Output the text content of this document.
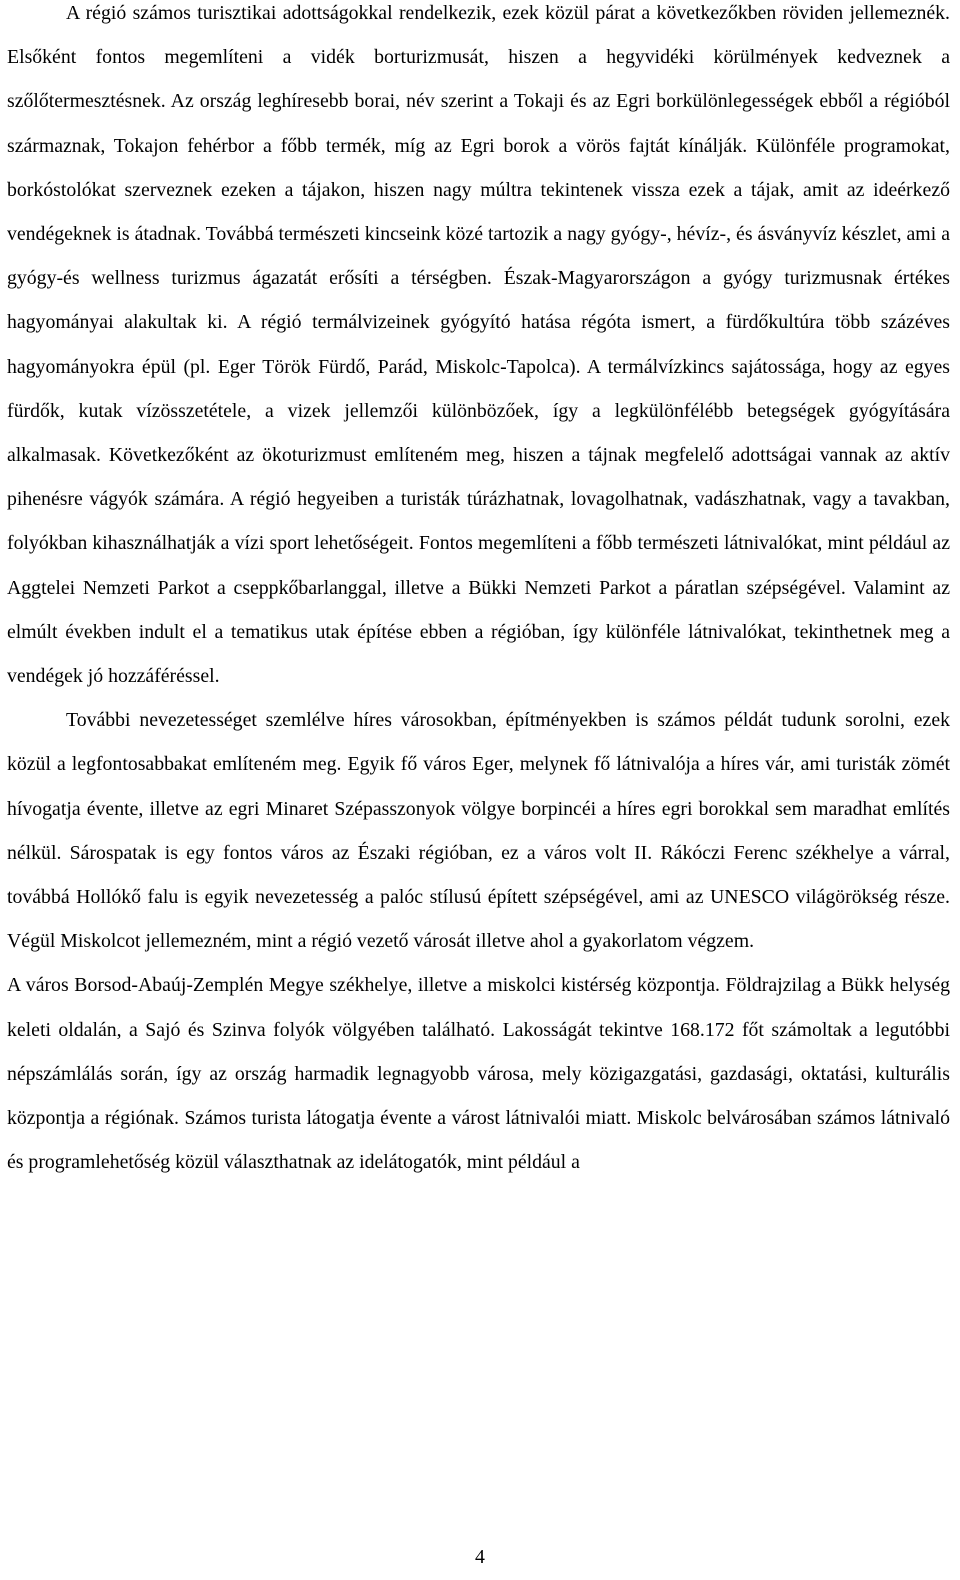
A régió számos turisztikai adottságokkal rendelkezik, ezek közül párat a következőkben röviden jellemeznék. Elsőként fontos megemlíteni a vidék borturizmusát, hiszen a hegyvidéki körülmények kedveznek a szőlőtermesztésnek. Az ország leghíresebb borai, név szerint a Tokaji és az Egri borkülönlegességek ebből a régióból származnak, Tokajon fehérbor a főbb termék, míg az Egri borok a vörös fajtát kínálják. Különféle programokat, borkóstolókat szerveznek ezeken a tájakon, hiszen nagy múltra tekintenek vissza ezek a tájak, amit az ideérkező vendégeknek is átadnak. Továbbá természeti kincseink közé tartozik a nagy gyógy-, hévíz-, és ásványvíz készlet, ami a gyógy-és wellness turizmus ágazatát erősíti a térségben. Észak-Magyarországon a gyógy turizmusnak értékes hagyományai alakultak ki. A régió termálvizeinek gyógyító hatása régóta ismert, a fürdőkultúra több százéves hagyományokra épül (pl. Eger Török Fürdő, Parád, Miskolc-Tapolca). A termálvízkincs sajátossága, hogy az egyes fürdők, kutak vízösszetétele, a vizek jellemzői különbözőek, így a legkülönfélébb betegségek gyógyítására alkalmasak. Következőként az ökoturizmust említeném meg, hiszen a tájnak megfelelő adottságai vannak az aktív pihenésre vágyók számára. A régió hegyeiben a turisták túrázhatnak, lovagolhatnak, vadászhatnak, vagy a tavakban, folyókban kihasználhatják a vízi sport lehetőségeit. Fontos megemlíteni a főbb természeti látnivalókat, mint például az Aggtelei Nemzeti Parkot a cseppkőbarlanggal, illetve a Bükki Nemzeti Parkot a páratlan szépségével. Valamint az elmúlt években indult el a tematikus utak építése ebben a régióban, így különféle látnivalókat, tekinthetnek meg a vendégek jó hozzáféréssel.

További nevezetességet szemlélve híres városokban, építményekben is számos példát tudunk sorolni, ezek közül a legfontosabbakat említeném meg. Egyik fő város Eger, melynek fő látnivalója a híres vár, ami turisták zömét hívogatja évente, illetve az egri Minaret Szépasszonyok völgye borpincéi a híres egri borokkal sem maradhat említés nélkül. Sárospatak is egy fontos város az Északi régióban, ez a város volt II. Rákóczi Ferenc székhelye a várral, továbbá Hollókő falu is egyik nevezetesség a palóc stílusú épített szépségével, ami az UNESCO világörökség része. Végül Miskolcot jellemezném, mint a régió vezető városát illetve ahol a gyakorlatom végzem.

A város Borsod-Abaúj-Zemplén Megye székhelye, illetve a miskolci kistérség központja. Földrajzilag a Bükk helység keleti oldalán, a Sajó és Szinva folyók völgyében található. Lakosságát tekintve 168.172 főt számoltak a legutóbbi népszámlálás során, így az ország harmadik legnagyobb városa, mely közigazgatási, gazdasági, oktatási, kulturális központja a régiónak. Számos turista látogatja évente a várost látnivalói miatt. Miskolc belvárosában számos látnivaló és programlehetőség közül választhatnak az idelátogatók, mint például a

4
